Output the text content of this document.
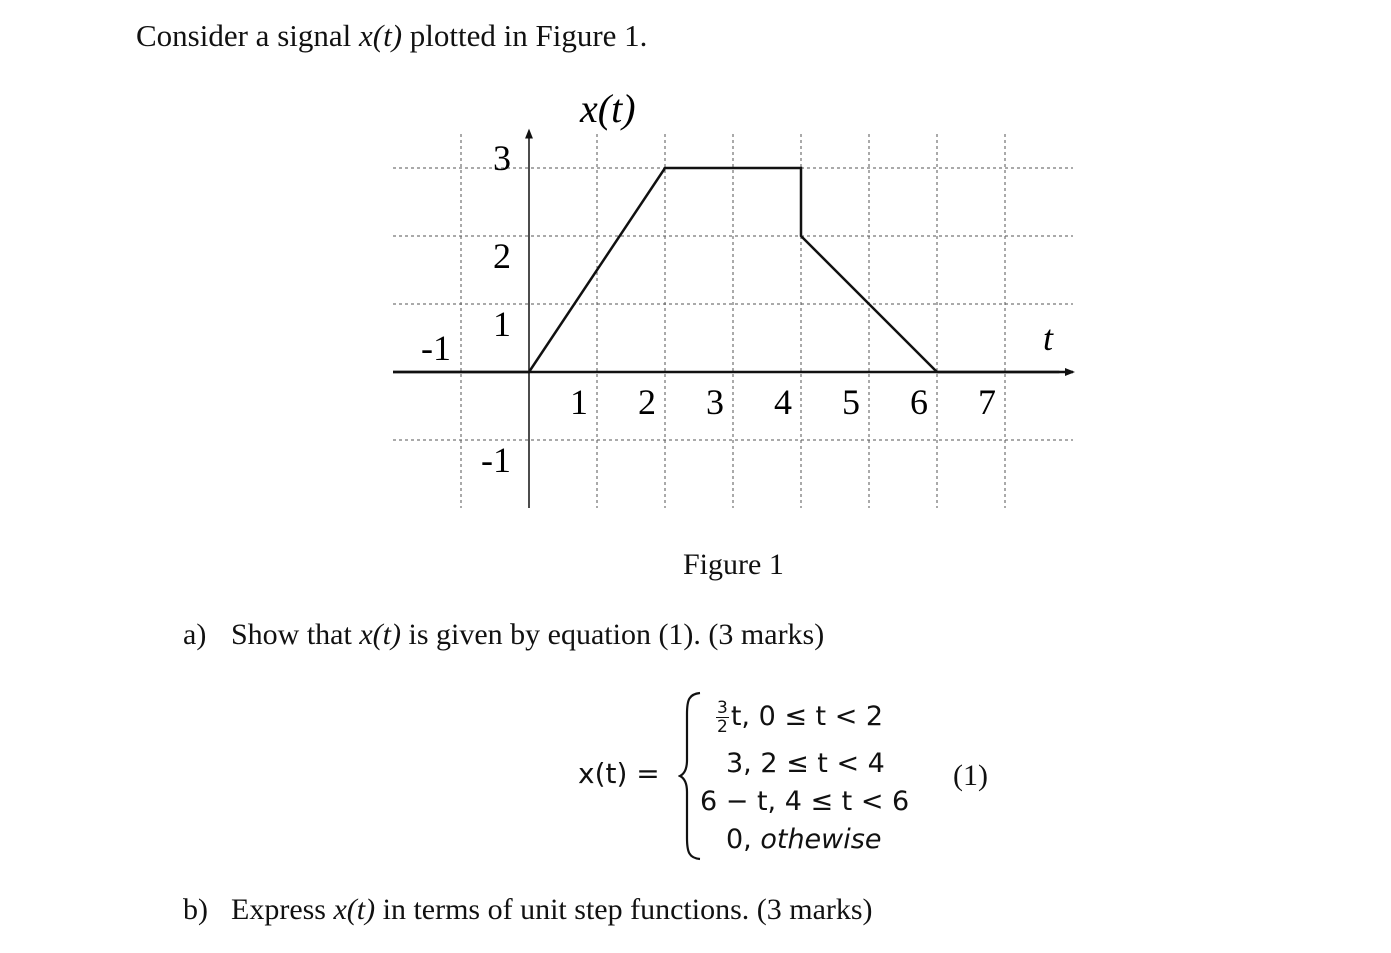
Consider a signal x(t) plotted in Figure 1.
1 2 3 4 5 6 7
-1
3
2
1
-1
x(t)
t
Figure 1
a) Show that x(t) is given by equation (1). (3 marks)
x(t) =
$\frac{3}{2} t$, 0 ≤ t < 2
3, 2 ≤ t < 4
6 − t, 4 ≤ t < 6
0, othewise
(1)
b) Express x(t) in terms of unit step functions. (3 marks)
